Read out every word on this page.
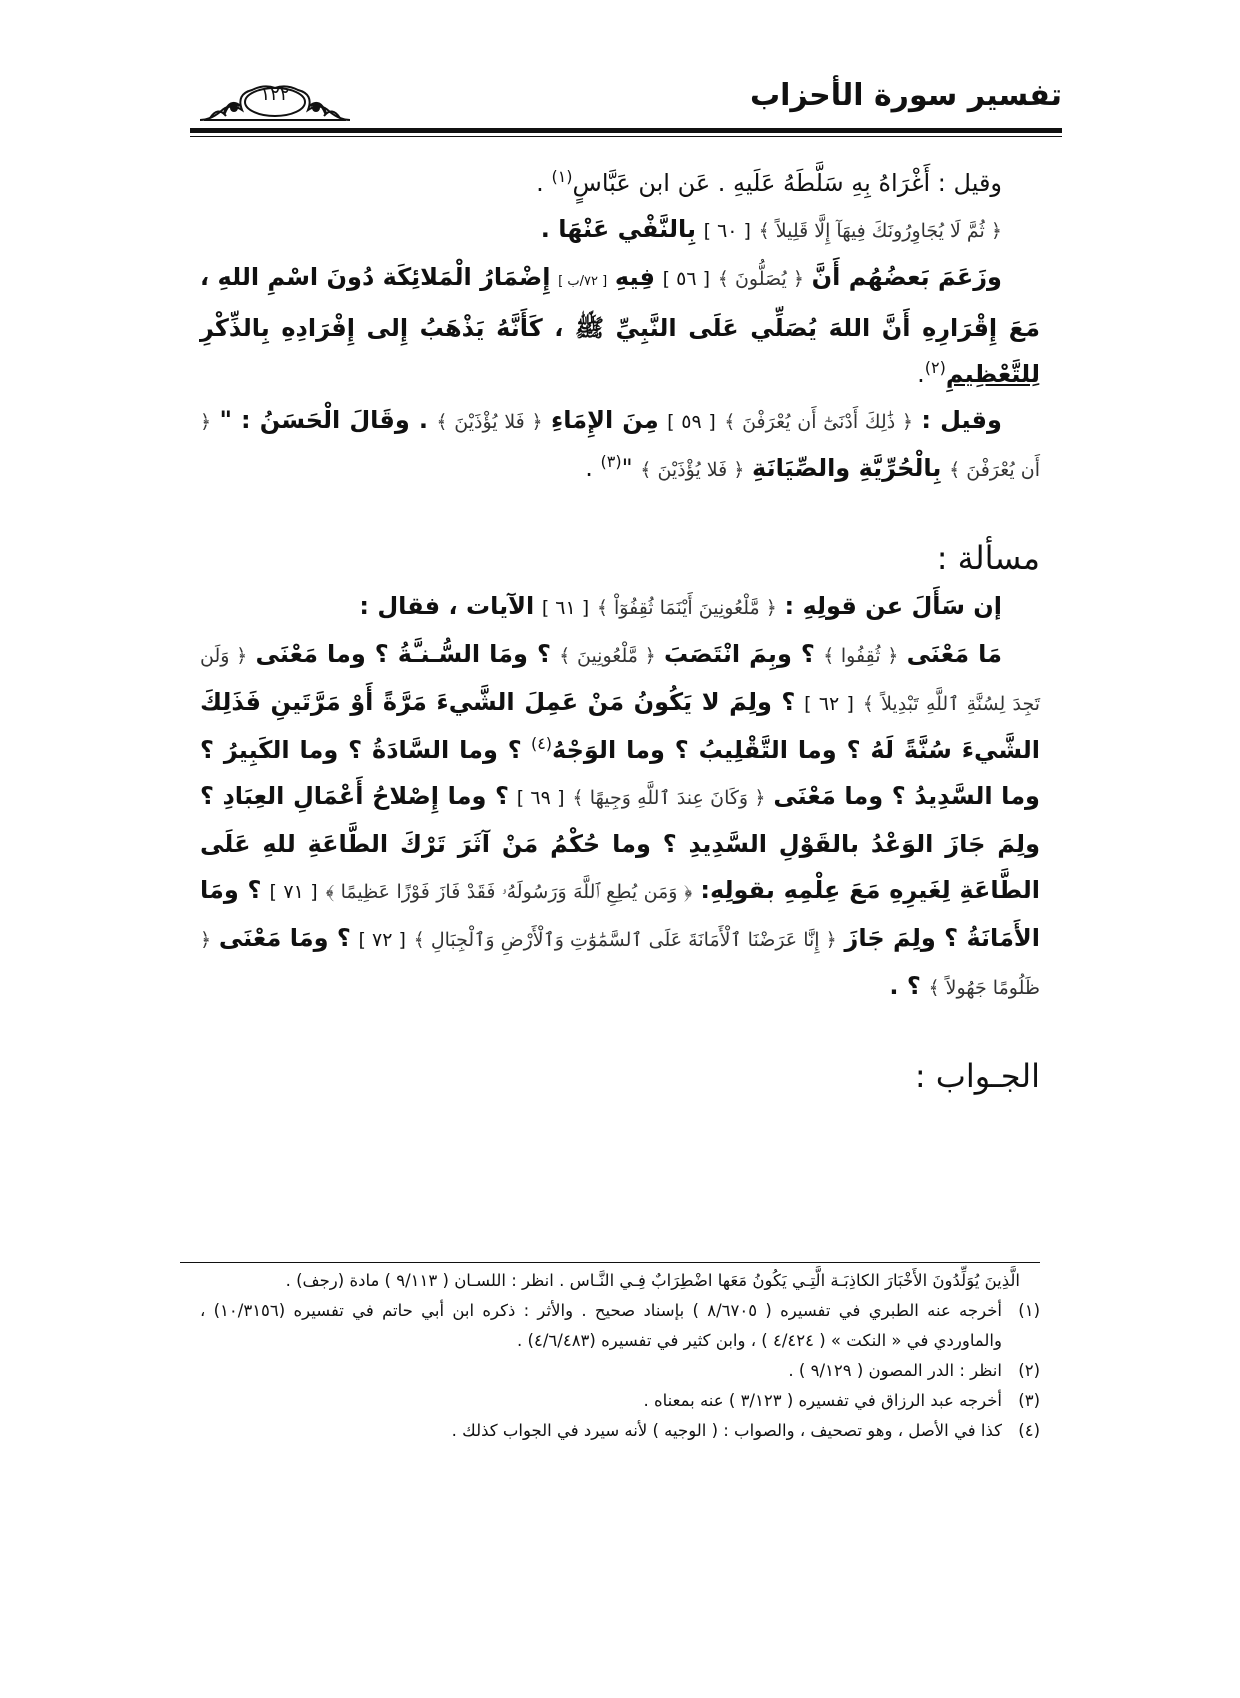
تفسير سورة الأحزاب
١٢٢

وقيل : أَغْرَاهُ بِهِ سَلَّطَهُ عَلَيهِ . عَن ابن عَبَّاسٍ$^{(١)}$ .

﴿ ثُمَّ لَا يُجَاوِرُونَكَ فِيهَآ إِلَّا قَلِيلاً ﴾ [ ٦٠ ] بِالنَّفْي عَنْهَا .

وزَعَمَ بَعضُهُم أَنَّ ﴿ يُصَلُّونَ ﴾ [ ٥٦ ] فِيهِ [ ٧٢/ب ] إِضْمَارُ الْمَلائِكَة دُونَ اسْمِ اللهِ ، مَعَ إِقْرَارِهِ أَنَّ اللهَ يُصَلِّي عَلَى النَّبِيِّ ﷺ ، كَأَنَّهُ يَذْهَبُ إِلى إِفْرَادِهِ بِالذِّكْرِ لِلتَّعْظِيمِ$^{(٢)}$.

وقيل : ﴿ ذَٰلِكَ أَدْنَىٰٓ أَن يُعْرَفْنَ ﴾ [ ٥٩ ] مِنَ الإِمَاءِ ﴿ فَلا يُؤْذَيْنَ ﴾ . وقَالَ الْحَسَنُ : " ﴿ أَن يُعْرَفْنَ ﴾ بِالْحُرِّيَّةِ والصِّيَانَةِ ﴿ فَلا يُؤْذَيْنَ ﴾ "$^{(٣)}$ .

مسألة :

إن سَأَلَ عن قولِهِ : ﴿ مَّلْعُونِينَ أَيْنَمَا ثُقِفُوٓاْ ﴾ [ ٦١ ] الآيات ، فقال :

مَا مَعْنَى ﴿ ثُقِفُوا ﴾ ؟ وبِمَ انْتَصَبَ ﴿ مَّلْعُونِينَ ﴾ ؟ ومَا السُّـنـَّةُ ؟ وما مَعْنَى ﴿ وَلَن تَجِدَ لِسُنَّةِ ٱللَّهِ تَبْدِيلاً ﴾ [ ٦٢ ] ؟ ولِمَ لا يَكُونُ مَنْ عَمِلَ الشَّيءَ مَرَّةً أَوْ مَرَّتَينِ فَذَلِكَ الشَّيءَ سُنَّةً لَهُ ؟ وما التَّقْلِيبُ ؟ وما الوَجْهُ$^{(٤)}$ ؟ وما السَّادَةُ ؟ وما الكَبِيرُ ؟ وما السَّدِيدُ ؟ وما مَعْنَى ﴿ وَكَانَ عِندَ ٱللَّهِ وَجِيهًا ﴾ [ ٦٩ ] ؟ وما إِصْلاحُ أَعْمَالِ العِبَادِ ؟ ولِمَ جَازَ الوَعْدُ بالقَوْلِ السَّدِيدِ ؟ وما حُكْمُ مَنْ آثَرَ تَرْكَ الطَّاعَةِ للهِ عَلَى الطَّاعَةِ لِغَيرِهِ مَعَ عِلْمِهِ بقولِهِ: ﴿ وَمَن يُطِعِ ٱللَّهَ وَرَسُولَهُۥ فَقَدْ فَازَ فَوْزًا عَظِيمًا ﴾ [ ٧١ ] ؟ ومَا الأَمَانَةُ ؟ ولِمَ جَازَ ﴿ إِنَّا عَرَضْنَا ٱلْأَمَانَةَ عَلَى ٱلسَّمَٰوَٰتِ وَٱلْأَرْضِ وَٱلْجِبَالِ ﴾ [ ٧٢ ] ؟ ومَا مَعْنَى ﴿ ظَلُومًا جَهُولاً ﴾ ؟ .

الجـواب :

الَّذِينَ يُوَلِّدُونَ الأَخْبَارَ الكاذِبَـة الَّتِـي يَكُونُ مَعَها اضْطِرَابٌ فِـي النَّـاس . انظر : اللسـان ( ٩/١١٣ ) مادة (رجف) .

(١)
أخرجه عنه الطبري في تفسيره ( ٨/٦٧٠٥ ) بإسناد صحيح . والأثر : ذكره ابن أبي حاتم في تفسيره (١٠/٣١٥٦) ، والماوردي في « النكت » ( ٤/٤٢٤ ) ، وابن كثير في تفسيره (٤/٦/٤٨٣) .

(٢)
انظر : الدر المصون ( ٩/١٢٩ ) .

(٣)
أخرجه عبد الرزاق في تفسيره ( ٣/١٢٣ ) عنه بمعناه .

(٤)
كذا في الأصل ، وهو تصحيف ، والصواب : ( الوجيه ) لأنه سيرد في الجواب كذلك .
